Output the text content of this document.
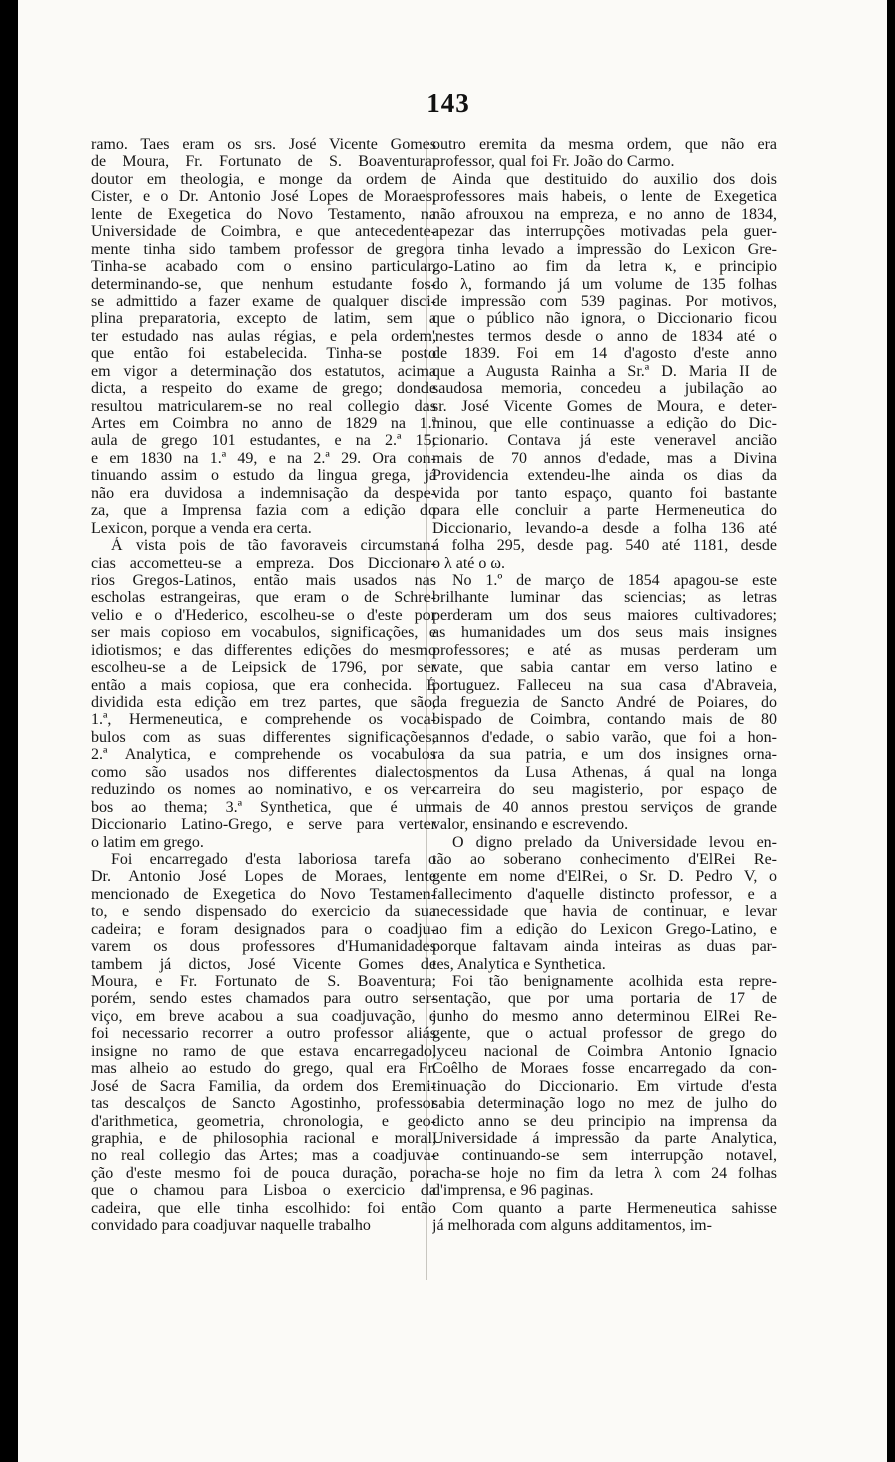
143
ramo. Taes eram os srs. José Vicente Gomes
de Moura, Fr. Fortunato de S. Boaventura,
doutor em theologia, e monge da ordem de
Cister, e o Dr. Antonio José Lopes de Moraes,
lente de Exegetica do Novo Testamento, na
Universidade de Coimbra, e que antecedente-
mente tinha sido tambem professor de grego.
Tinha-se acabado com o ensino particular,
determinando-se, que nenhum estudante fos-
se admittido a fazer exame de qualquer disci-
plina preparatoria, excepto de latim, sem a
ter estudado nas aulas régias, e pela ordem,
que então foi estabelecida. Tinha-se posto
em vigor a determinação dos estatutos, acima
dicta, a respeito do exame de grego; donde
resultou matricularem-se no real collegio das
Artes em Coimbra no anno de 1829 na 1.ª
aula de grego 101 estudantes, e na 2.ª 15;
e em 1830 na 1.ª 49, e na 2.ª 29. Ora con-
tinuando assim o estudo da lingua grega, já
não era duvidosa a indemnisação da despe-
za, que a Imprensa fazia com a edição do
Lexicon, porque a venda era certa.
Á vista pois de tão favoraveis circumstan-
cias accometteu-se a empreza. Dos Diccionar-
rios Gregos-Latinos, então mais usados nas
escholas estrangeiras, que eram o de Schre-
velio e o d'Hederico, escolheu-se o d'este por
ser mais copioso em vocabulos, significações, e
idiotismos; e das differentes edições do mesmo
escolheu-se a de Leipsick de 1796, por ser
então a mais copiosa, que era conhecida. É
dividida esta edição em trez partes, que são,
1.ª, Hermeneutica, e comprehende os voca-
bulos com as suas differentes significações;
2.ª Analytica, e comprehende os vocabulos
como são usados nos differentes dialectos,
reduzindo os nomes ao nominativo, e os ver-
bos ao thema; 3.ª Synthetica, que é um
Diccionario Latino-Grego, e serve para verter
o latim em grego.
Foi encarregado d'esta laboriosa tarefa o
Dr. Antonio José Lopes de Moraes, lente
mencionado de Exegetica do Novo Testamen-
to, e sendo dispensado do exercicio da sua
cadeira; e foram designados para o coadju-
varem os dous professores d'Humanidades
tambem já dictos, José Vicente Gomes de
Moura, e Fr. Fortunato de S. Boaventura;
porém, sendo estes chamados para outro ser-
viço, em breve acabou a sua coadjuvação, e
foi necessario recorrer a outro professor aliás
insigne no ramo de que estava encarregado,
mas alheio ao estudo do grego, qual era Fr.
José de Sacra Familia, da ordem dos Eremi-
tas descalços de Sancto Agostinho, professor
d'arithmetica, geometria, chronologia, e geo-
graphia, e de philosophia racional e moral,
no real collegio das Artes; mas a coadjuva-
ção d'este mesmo foi de pouca duração, por-
que o chamou para Lisboa o exercicio da
cadeira, que elle tinha escolhido: foi então
convidado para coadjuvar naquelle trabalho
outro eremita da mesma ordem, que não era
professor, qual foi Fr. João do Carmo.
Ainda que destituido do auxilio dos dois
professores mais habeis, o lente de Exegetica
não afrouxou na empreza, e no anno de 1834,
apezar das interrupções motivadas pela guer-
ra tinha levado a impressão do Lexicon Gre-
go-Latino ao fim da letra κ, e principio
do λ, formando já um volume de 135 folhas
de impressão com 539 paginas. Por motivos,
que o público não ignora, o Diccionario ficou
'nestes termos desde o anno de 1834 até o
de 1839. Foi em 14 d'agosto d'este anno
que a Augusta Rainha a Sr.ª D. Maria II de
saudosa memoria, concedeu a jubilação ao
sr. José Vicente Gomes de Moura, e deter-
minou, que elle continuasse a edição do Dic-
cionario. Contava já este veneravel ancião
mais de 70 annos d'edade, mas a Divina
Providencia extendeu-lhe ainda os dias da
vida por tanto espaço, quanto foi bastante
para elle concluir a parte Hermeneutica do
Diccionario, levando-a desde a folha 136 até
á folha 295, desde pag. 540 até 1181, desde
o λ até o ω.
No 1.º de março de 1854 apagou-se este
brilhante luminar das sciencias; as letras
perderam um dos seus maiores cultivadores;
as humanidades um dos seus mais insignes
professores; e até as musas perderam um
vate, que sabia cantar em verso latino e
portuguez. Falleceu na sua casa d'Abraveia,
da freguezia de Sancto André de Poiares, do
bispado de Coimbra, contando mais de 80
annos d'edade, o sabio varão, que foi a hon-
ra da sua patria, e um dos insignes orna-
mentos da Lusa Athenas, á qual na longa
carreira do seu magisterio, por espaço de
mais de 40 annos prestou serviços de grande
valor, ensinando e escrevendo.
O digno prelado da Universidade levou en-
tão ao soberano conhecimento d'ElRei Re-
gente em nome d'ElRei, o Sr. D. Pedro V, o
fallecimento d'aquelle distincto professor, e a
necessidade que havia de continuar, e levar
ao fim a edição do Lexicon Grego-Latino, e
porque faltavam ainda inteiras as duas par-
tes, Analytica e Synthetica.
Foi tão benignamente acolhida esta repre-
sentação, que por uma portaria de 17 de
junho do mesmo anno determinou ElRei Re-
gente, que o actual professor de grego do
lyceu nacional de Coimbra Antonio Ignacio
Coêlho de Moraes fosse encarregado da con-
tinuação do Diccionario. Em virtude d'esta
sabia determinação logo no mez de julho do
dicto anno se deu principio na imprensa da
Universidade á impressão da parte Analytica,
e continuando-se sem interrupção notavel,
acha-se hoje no fim da letra λ com 24 folhas
d'imprensa, e 96 paginas.
Com quanto a parte Hermeneutica sahisse
já melhorada com alguns additamentos, im-
